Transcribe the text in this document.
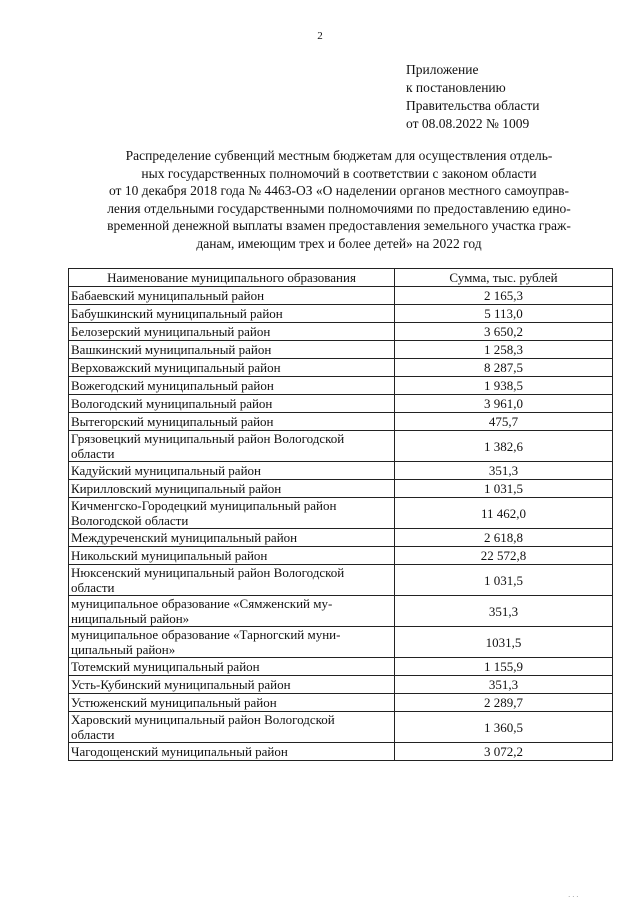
2
Приложение
к постановлению
Правительства области
от 08.08.2022 № 1009
Распределение субвенций местным бюджетам для осуществления отдель-
ных государственных полномочий в соответствии с законом области
от 10 декабря 2018 года № 4463-ОЗ «О наделении органов местного самоуправ-
ления отдельными государственными полномочиями по предоставлению едино-
временной денежной выплаты взамен предоставления земельного участка граж-
данам, имеющим трех и более детей» на 2022 год
Наименование муниципального образования	Сумма, тыс. рублей

Бабаевский муниципальный район	2 165,3

Бабушкинский муниципальный район	5 113,0

Белозерский муниципальный район	3 650,2

Вашкинский муниципальный район	1 258,3

Верховажский муниципальный район	8 287,5

Вожегодский муниципальный район	1 938,5

Вологодский муниципальный район	3 961,0

Вытегорский муниципальный район	475,7

Грязовецкий муниципальный район Вологодской
области	1 382,6

Кадуйский муниципальный район	351,3

Кирилловский муниципальный район	1 031,5

Кичменгско-Городецкий муниципальный район
Вологодской области	11 462,0

Междуреченский муниципальный район	2 618,8

Никольский муниципальный район	22 572,8

Нюксенский муниципальный район Вологодской
области	1 031,5

муниципальное образование «Сямженский му-
ниципальный район»	351,3

муниципальное образование «Тарногский муни-
ципальный район»	1031,5

Тотемский муниципальный район	1 155,9

Усть-Кубинский муниципальный район	351,3

Устюженский муниципальный район	2 289,7

Харовский муниципальный район Вологодской
области	1 360,5

Чагодощенский муниципальный район	3 072,2
· · ·
